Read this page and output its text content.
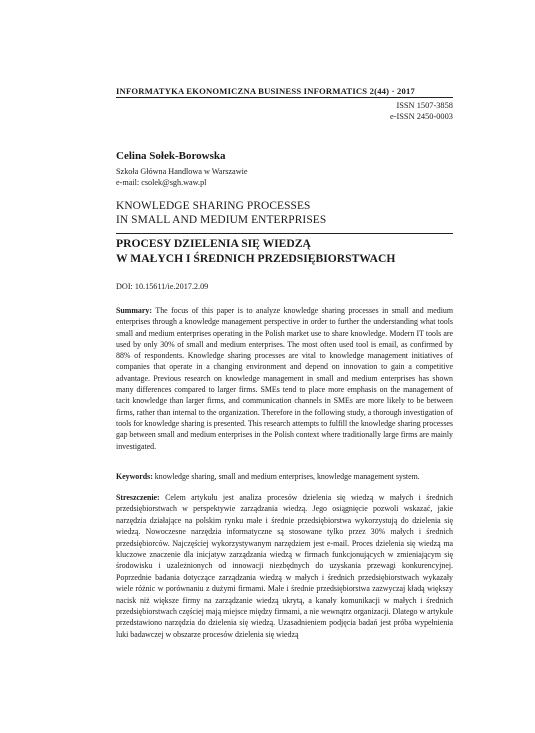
INFORMATYKA EKONOMICZNA BUSINESS INFORMATICS 2(44) · 2017
ISSN 1507-3858
e-ISSN 2450-0003
Celina Sołek-Borowska
Szkoła Główna Handlowa w Warszawie
e-mail: csolek@sgh.waw.pl
KNOWLEDGE SHARING PROCESSES
IN SMALL AND MEDIUM ENTERPRISES
PROCESY DZIELENIA SIĘ WIEDZĄ
W MAŁYCH I ŚREDNICH PRZEDSIĘBIORSTWACH
DOI: 10.15611/ie.2017.2.09
Summary: The focus of this paper is to analyze knowledge sharing processes in small and medium enterprises through a knowledge management perspective in order to further the understanding what tools small and medium enterprises operating in the Polish market use to share knowledge. Modern IT tools are used by only 30% of small and medium enterprises. The most often used tool is email, as confirmed by 88% of respondents. Knowledge sharing processes are vital to knowledge management initiatives of companies that operate in a changing environment and depend on innovation to gain a competitive advantage. Previous research on knowledge management in small and medium enterprises has shown many differences compared to larger firms. SMEs tend to place more emphasis on the management of tacit knowledge than larger firms, and communication channels in SMEs are more likely to be between firms, rather than internal to the organization. Therefore in the following study, a thorough investigation of tools for knowledge sharing is presented. This research attempts to fulfill the knowledge sharing processes gap between small and medium enterprises in the Polish context where traditionally large firms are mainly investigated.
Keywords: knowledge sharing, small and medium enterprises, knowledge management system.
Streszczenie: Celem artykułu jest analiza procesów dzielenia się wiedzą w małych i średnich przedsiębiorstwach w perspektywie zarządzania wiedzą. Jego osiągnięcie pozwoli wskazać, jakie narzędzia działające na polskim rynku małe i średnie przedsiębiorstwa wykorzystują do dzielenia się wiedzą. Nowoczesne narzędzia informatyczne są stosowane tylko przez 30% małych i średnich przedsiębiorców. Najczęściej wykorzystywanym narzędziem jest e-mail. Proces dzielenia się wiedzą ma kluczowe znaczenie dla inicjatyw zarządzania wiedzą w firmach funkcjonujących w zmieniającym się środowisku i uzależnionych od innowacji niezbędnych do uzyskania przewagi konkurencyjnej. Poprzednie badania dotyczące zarządzania wiedzą w małych i średnich przedsiębiorstwach wykazały wiele różnic w porównaniu z dużymi firmami. Małe i średnie przedsiębiorstwa zazwyczaj kładą większy nacisk niż większe firmy na zarządzanie wiedzą ukrytą, a kanały komunikacji w małych i średnich przedsiębiorstwach częściej mają miejsce między firmami, a nie wewnątrz organizacji. Dlatego w artykule przedstawiono narzędzia do dzielenia się wiedzą. Uzasadnieniem podjęcia badań jest próba wypełnienia luki badawczej w obszarze procesów dzielenia się wiedzą
